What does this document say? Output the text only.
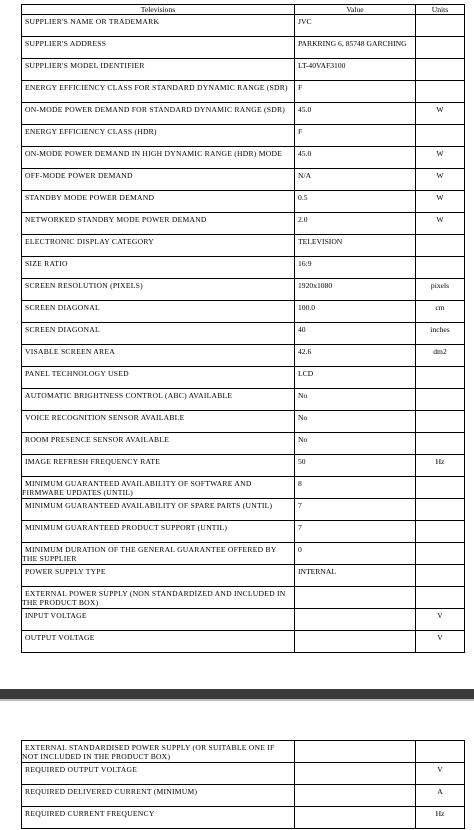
Televisions	Value	Units
SUPPLIER'S NAME OR TRADEMARK	JVC	
SUPPLIER'S ADDRESS	PARKRING 6, 85748 GARCHING	
SUPPLIER'S MODEL IDENTIFIER	LT-40VAF3100	
ENERGY EFFICIENCY CLASS FOR STANDARD DYNAMIC RANGE (SDR)	F	
ON-MODE POWER DEMAND FOR STANDARD DYNAMIC RANGE (SDR)	45.0	W
ENERGY EFFICIENCY CLASS (HDR)	F	
ON-MODE POWER DEMAND IN HIGH DYNAMIC RANGE (HDR) MODE	45.0	W
OFF-MODE POWER DEMAND	N/A	W
STANDBY MODE POWER DEMAND	0.5	W
NETWORKED STANDBY MODE POWER DEMAND	2.0	W
ELECTRONIC DISPLAY CATEGORY	TELEVISION	
SIZE RATIO	16:9	
SCREEN RESOLUTION (PIXELS)	1920x1080	pixels
SCREEN DIAGONAL	100.0	cm
SCREEN DIAGONAL	40	inches
VISABLE SCREEN AREA	42.6	dm2
PANEL TECHNOLOGY USED	LCD	
AUTOMATIC BRIGHTNESS CONTROL (ABC) AVAILABLE	No	
VOICE RECOGNITION SENSOR AVAILABLE	No	
ROOM PRESENCE SENSOR AVAILABLE	No	
IMAGE REFRESH FREQUENCY RATE	50	Hz
MINIMUM GUARANTEED AVAILABILITY OF SOFTWARE AND FIRMWARE UPDATES (UNTIL)	8	
MINIMUM GUARANTEED AVAILABILITY OF SPARE PARTS (UNTIL)	7	
MINIMUM GUARANTEED PRODUCT SUPPORT (UNTIL)	7	
MINIMUM DURATION OF THE GENERAL GUARANTEE OFFERED BY THE SUPPLIER	0	
POWER SUPPLY TYPE	INTERNAL	
EXTERNAL POWER SUPPLY (NON STANDARDİZED AND INCLUDED IN THE PRODUCT BOX)		
INPUT VOLTAGE		V
OUTPUT VOLTAGE		V
EXTERNAL STANDARDISED POWER SUPPLY (OR SUITABLE ONE IF NOT INCLUDED IN THE PRODUCT BOX)		
REQUIRED OUTPUT VOLTAGE		V
REQUIRED DELIVERED CURRENT (MINIMUM)		A
REQUIRED CURRENT FREQUENCY		Hz
